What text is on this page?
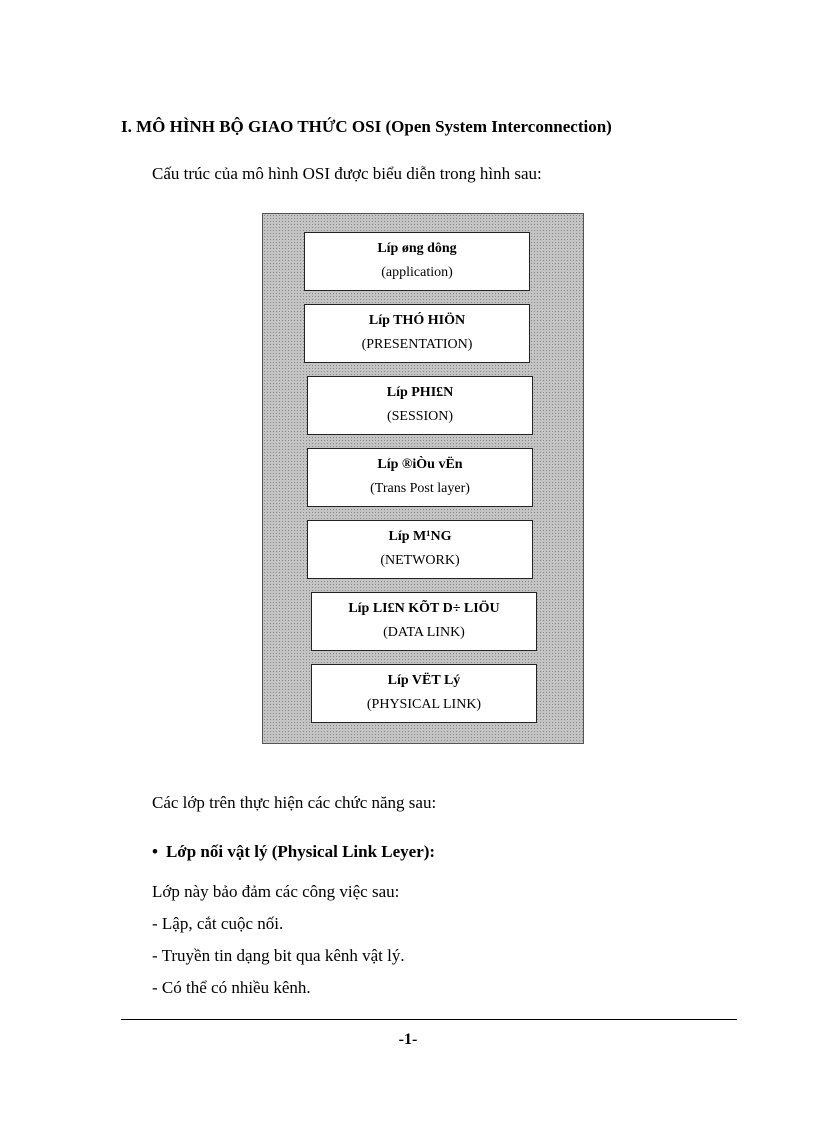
I. MÔ HÌNH BỘ GIAO THỨC OSI (Open System Interconnection)
Cấu trúc của mô hình OSI được biểu diễn trong hình sau:
Líp øng dông
(application)
Líp THÓ HIÖN
(PRESENTATION)
Líp PHI£N
(SESSION)
Líp ®iÒu vËn
(Trans Post layer)
Líp M¹NG
(NETWORK)
Líp LI£N KÕT D÷ LIÖU
(DATA LINK)
Líp VËT Lý
(PHYSICAL LINK)
Các lớp trên thực hiện các chức năng sau:
• Lớp nối vật lý (Physical Link Leyer):
Lớp này bảo đảm các công việc sau:
- Lập, cắt cuộc nối.
- Truyền tin dạng bit qua kênh vật lý.
- Có thể có nhiều kênh.
-1-
